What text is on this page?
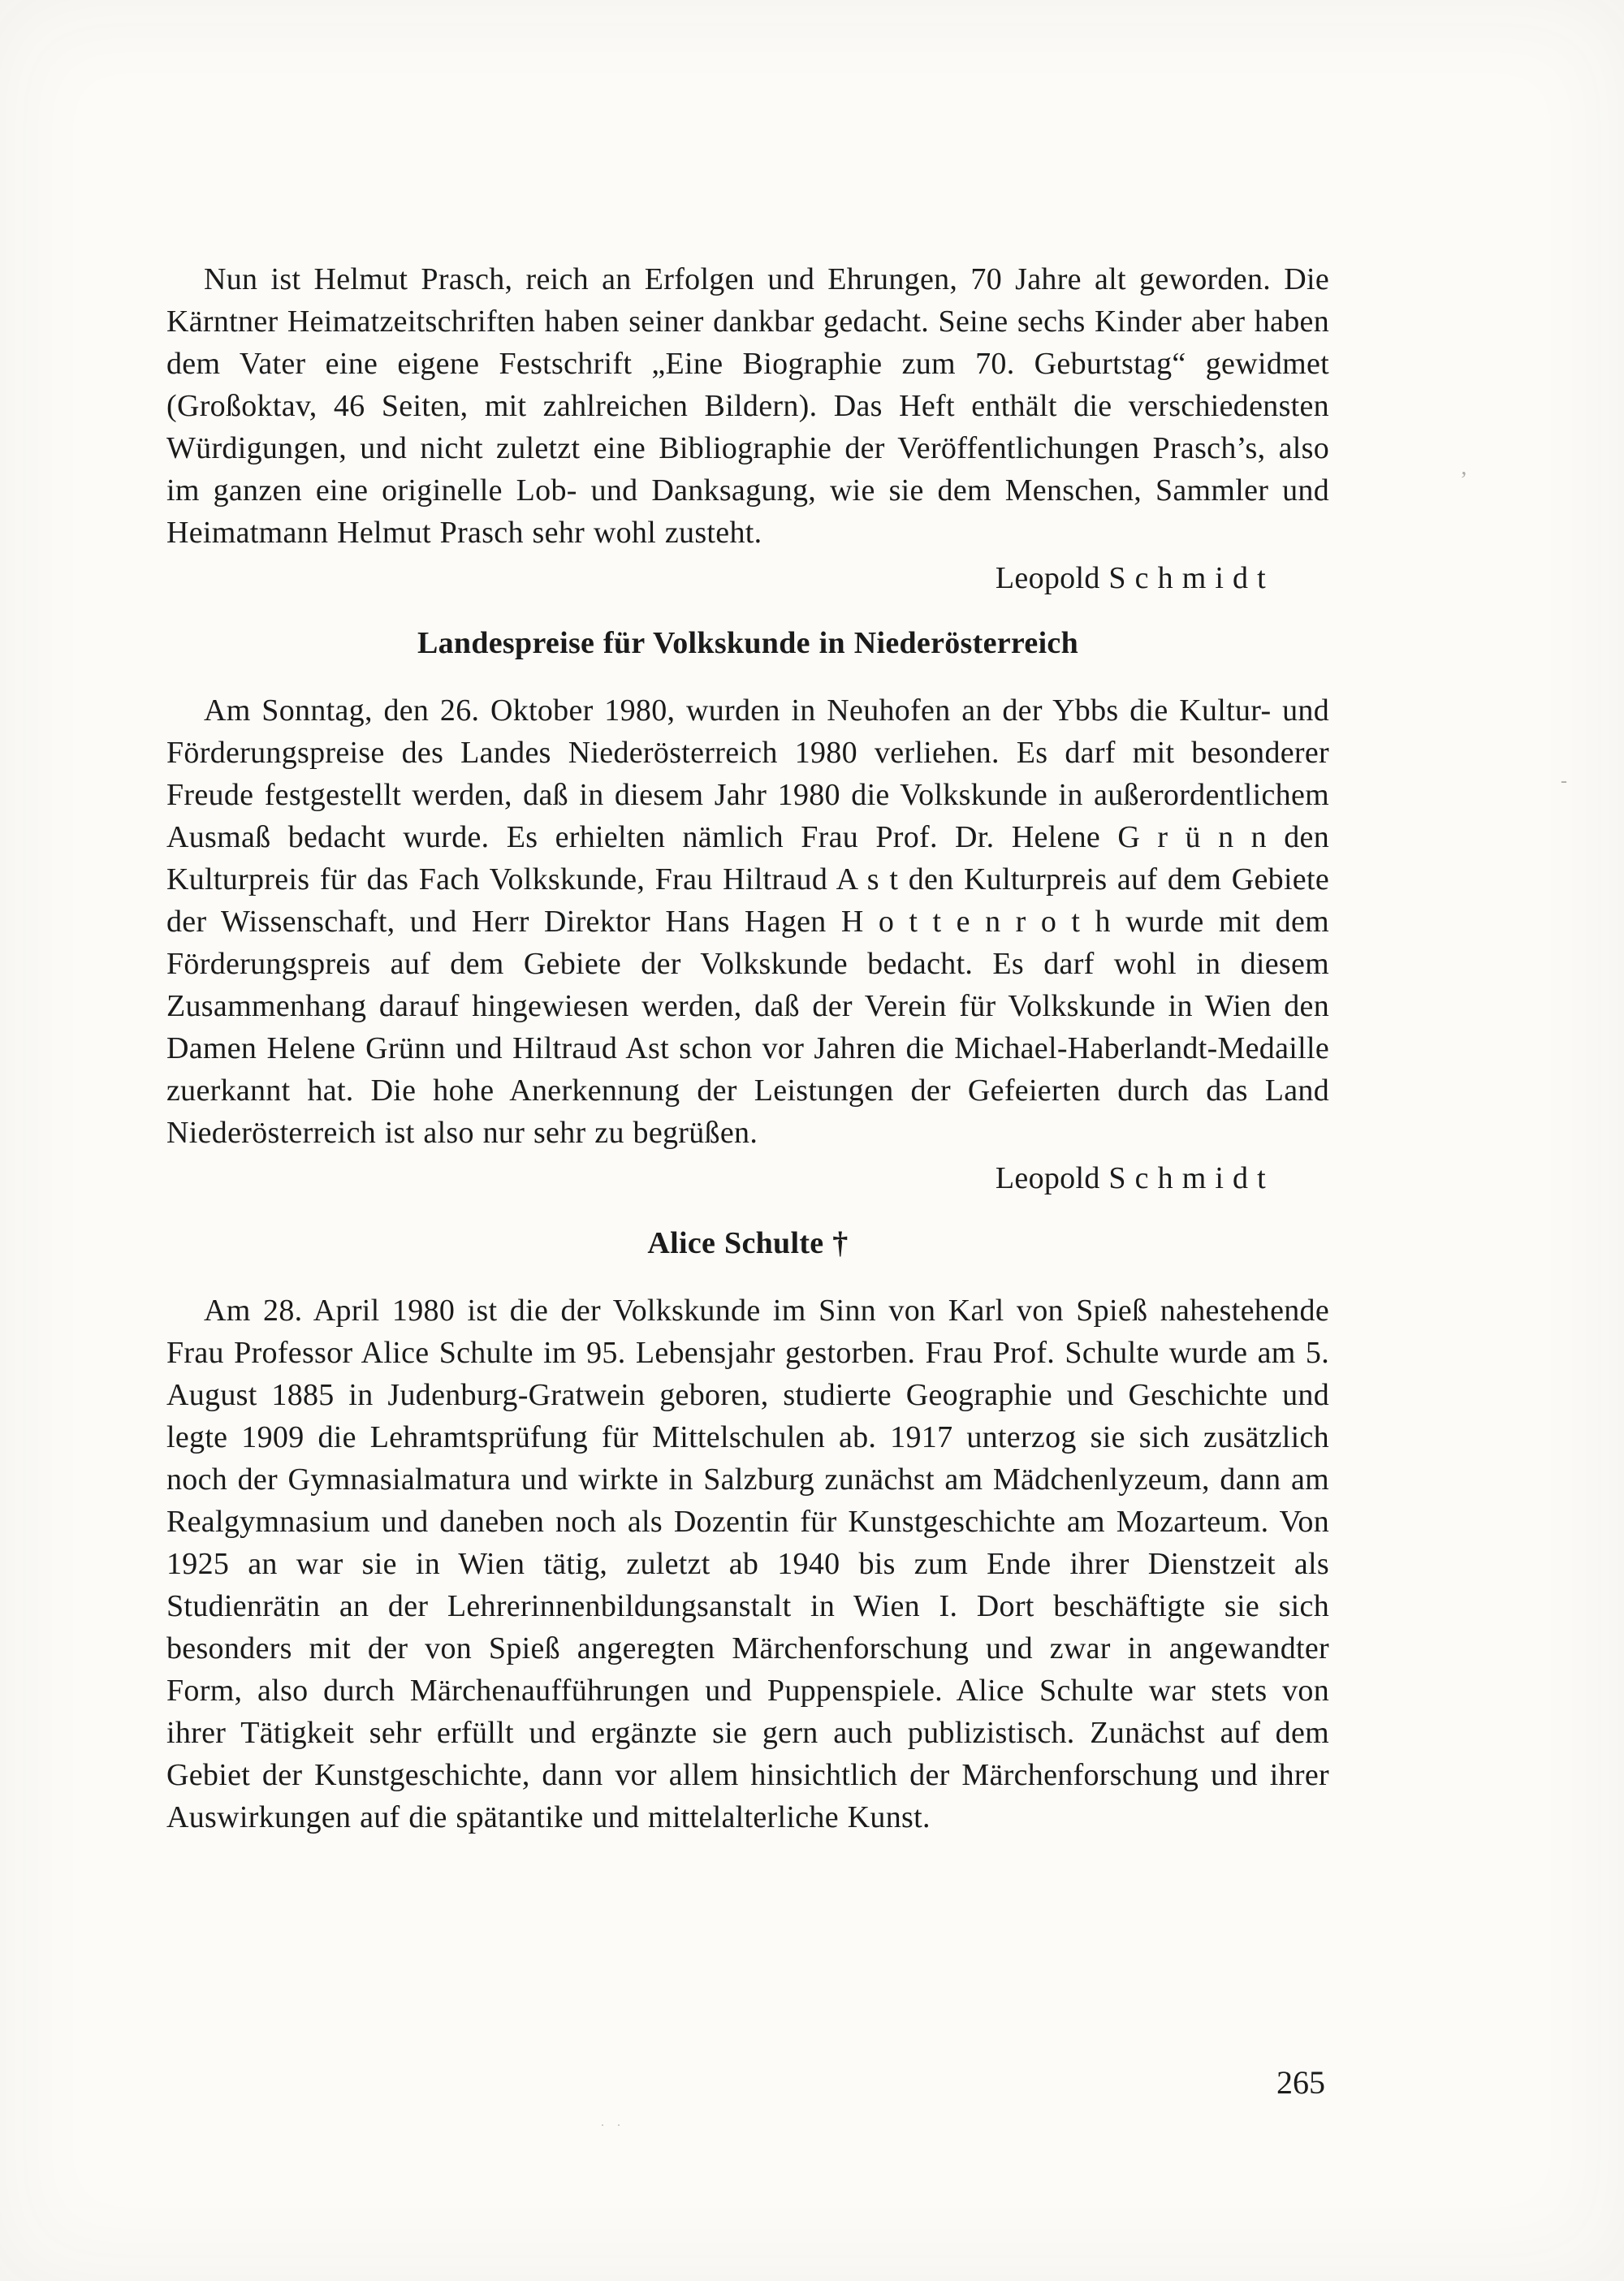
Nun ist Helmut Prasch, reich an Erfolgen und Ehrungen, 70 Jahre alt geworden. Die Kärntner Heimatzeitschriften haben seiner dankbar gedacht. Seine sechs Kinder aber haben dem Vater eine eigene Festschrift „Eine Biographie zum 70. Geburtstag“ gewidmet (Großoktav, 46 Seiten, mit zahlreichen Bildern). Das Heft enthält die verschiedensten Würdigungen, und nicht zuletzt eine Bibliographie der Veröffentlichungen Prasch’s, also im ganzen eine originelle Lob- und Danksagung, wie sie dem Menschen, Sammler und Heimatmann Helmut Prasch sehr wohl zusteht.

Leopold S c h m i d t

Landespreise für Volkskunde in Niederösterreich

Am Sonntag, den 26. Oktober 1980, wurden in Neuhofen an der Ybbs die Kultur- und Förderungspreise des Landes Niederösterreich 1980 verliehen. Es darf mit besonderer Freude festgestellt werden, daß in diesem Jahr 1980 die Volkskunde in außerordentlichem Ausmaß bedacht wurde. Es erhielten nämlich Frau Prof. Dr. Helene G r ü n n den Kulturpreis für das Fach Volkskunde, Frau Hiltraud A s t den Kulturpreis auf dem Gebiete der Wissenschaft, und Herr Direktor Hans Hagen H o t t e n r o t h wurde mit dem Förderungspreis auf dem Gebiete der Volkskunde bedacht. Es darf wohl in diesem Zusammenhang darauf hingewiesen werden, daß der Verein für Volkskunde in Wien den Damen Helene Grünn und Hiltraud Ast schon vor Jahren die Michael-Haberlandt-Medaille zuerkannt hat. Die hohe Anerkennung der Leistungen der Gefeierten durch das Land Niederösterreich ist also nur sehr zu begrüßen.

Leopold S c h m i d t

Alice Schulte †

Am 28. April 1980 ist die der Volkskunde im Sinn von Karl von Spieß nahestehende Frau Professor Alice Schulte im 95. Lebensjahr gestorben. Frau Prof. Schulte wurde am 5. August 1885 in Judenburg-Gratwein geboren, studierte Geographie und Geschichte und legte 1909 die Lehramtsprüfung für Mittelschulen ab. 1917 unterzog sie sich zusätzlich noch der Gymnasialmatura und wirkte in Salzburg zunächst am Mädchenlyzeum, dann am Realgymnasium und daneben noch als Dozentin für Kunstgeschichte am Mozarteum. Von 1925 an war sie in Wien tätig, zuletzt ab 1940 bis zum Ende ihrer Dienstzeit als Studienrätin an der Lehrerinnenbildungsanstalt in Wien I. Dort beschäftigte sie sich besonders mit der von Spieß angeregten Märchenforschung und zwar in angewandter Form, also durch Märchenaufführungen und Puppenspiele. Alice Schulte war stets von ihrer Tätigkeit sehr erfüllt und ergänzte sie gern auch publizistisch. Zunächst auf dem Gebiet der Kunstgeschichte, dann vor allem hinsichtlich der Märchenforschung und ihrer Auswirkungen auf die spätantike und mittelalterliche Kunst.

265
’
-
. .
